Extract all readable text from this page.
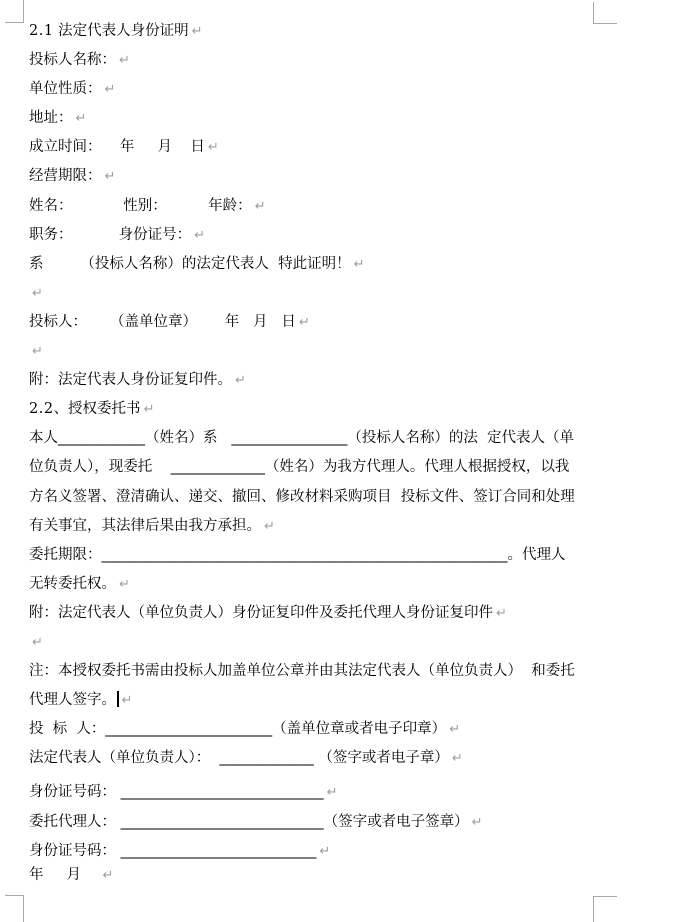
2.1 法定代表人身份证明 ↵
投标人名称： ↵
单位性质： ↵
地址： ↵
成立时间：    年     月    日 ↵
经营期限： ↵
姓名：           性别：         年龄： ↵
职务：          身份证号： ↵
系        （投标人名称）的法定代表人  特此证明！ ↵
↵
投标人：     （盖单位章）      年   月   日 ↵
↵
附：法定代表人身份证复印件。 ↵
2.2、授权委托书 ↵
本人____________（姓名）系   ________________（投标人名称）的法  定代表人（单
位负责人），现委托    _____________（姓名）为我方代理人。代理人根据授权，以我
方名义签署、澄清确认、递交、撤回、修改材料采购项目  投标文件、签订合同和处理
有关事宜，其法律后果由我方承担。 ↵
委托期限：________________________________________________________。代理人
无转委托权。 ↵
附：法定代表人（单位负责人）身份证复印件及委托代理人身份证复印件 ↵
↵
注：本授权委托书需由投标人加盖单位公章并由其法定代表人（单位负责人）  和委托
代理人签字。 ↵
投  标  人：_______________________（盖单位章或者电子印章） ↵
法定代表人（单位负责人）：  _____________ （签字或者电子章） ↵
身份证号码： ____________________________ ↵
委托代理人： ____________________________（签字或者电子签章） ↵
身份证号码： ___________________________ ↵
年     月    ↵
